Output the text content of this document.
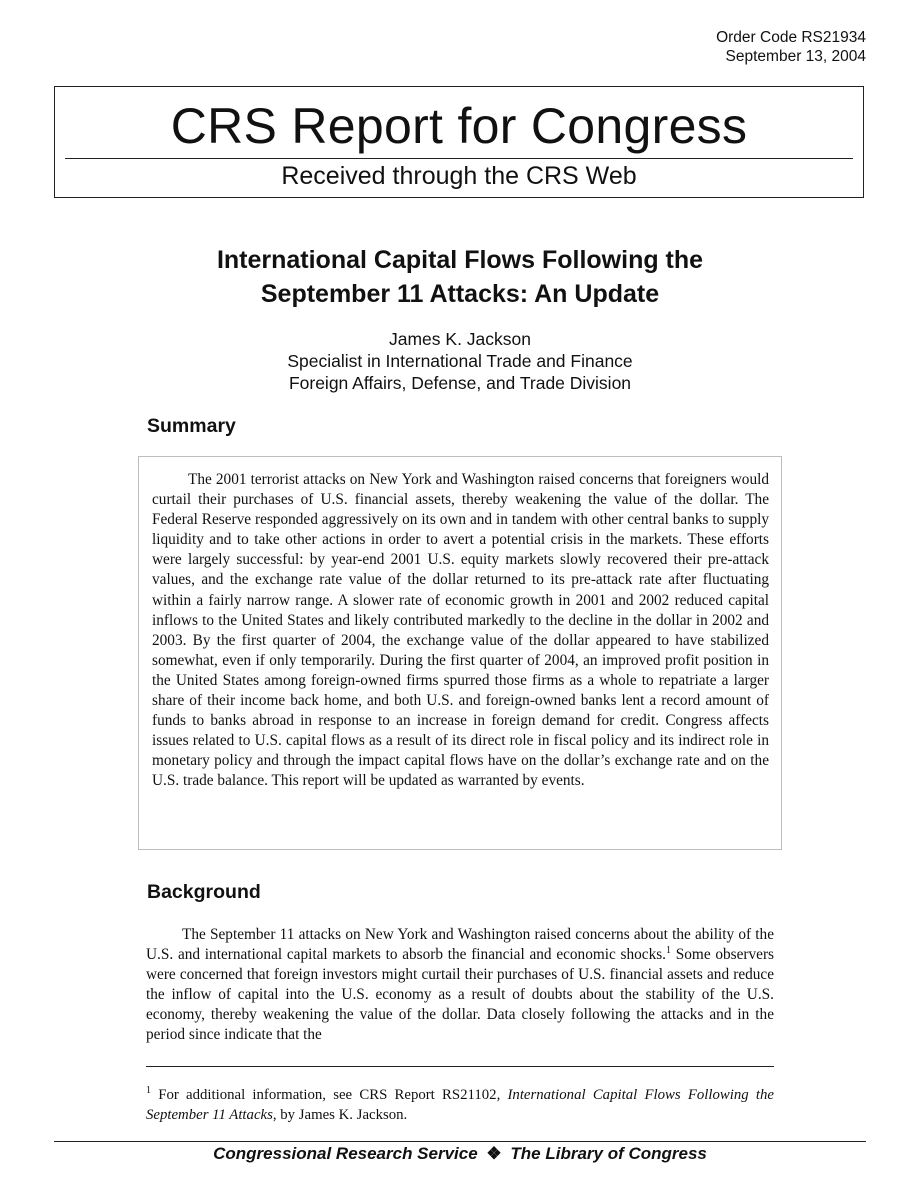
Order Code RS21934
September 13, 2004
CRS Report for Congress
Received through the CRS Web
International Capital Flows Following the
September 11 Attacks: An Update
James K. Jackson
Specialist in International Trade and Finance
Foreign Affairs, Defense, and Trade Division
Summary

The 2001 terrorist attacks on New York and Washington raised concerns that foreigners would curtail their purchases of U.S. financial assets, thereby weakening the value of the dollar. The Federal Reserve responded aggressively on its own and in tandem with other central banks to supply liquidity and to take other actions in order to avert a potential crisis in the markets. These efforts were largely successful: by year-end 2001 U.S. equity markets slowly recovered their pre-attack values, and the exchange rate value of the dollar returned to its pre-attack rate after fluctuating within a fairly narrow range. A slower rate of economic growth in 2001 and 2002 reduced capital inflows to the United States and likely contributed markedly to the decline in the dollar in 2002 and 2003. By the first quarter of 2004, the exchange value of the dollar appeared to have stabilized somewhat, even if only temporarily. During the first quarter of 2004, an improved profit position in the United States among foreign-owned firms spurred those firms as a whole to repatriate a larger share of their income back home, and both U.S. and foreign-owned banks lent a record amount of funds to banks abroad in response to an increase in foreign demand for credit. Congress affects issues related to U.S. capital flows as a result of its direct role in fiscal policy and its indirect role in monetary policy and through the impact capital flows have on the dollar’s exchange rate and on the U.S. trade balance. This report will be updated as warranted by events.

Background

The September 11 attacks on New York and Washington raised concerns about the ability of the U.S. and international capital markets to absorb the financial and economic shocks.$^1$ Some observers were concerned that foreign investors might curtail their purchases of U.S. financial assets and reduce the inflow of capital into the U.S. economy as a result of doubts about the stability of the U.S. economy, thereby weakening the value of the dollar. Data closely following the attacks and in the period since indicate that the

$^1$ For additional information, see CRS Report RS21102, International Capital Flows Following the September 11 Attacks, by James K. Jackson.

Congressional Research Service ❖ The Library of Congress
